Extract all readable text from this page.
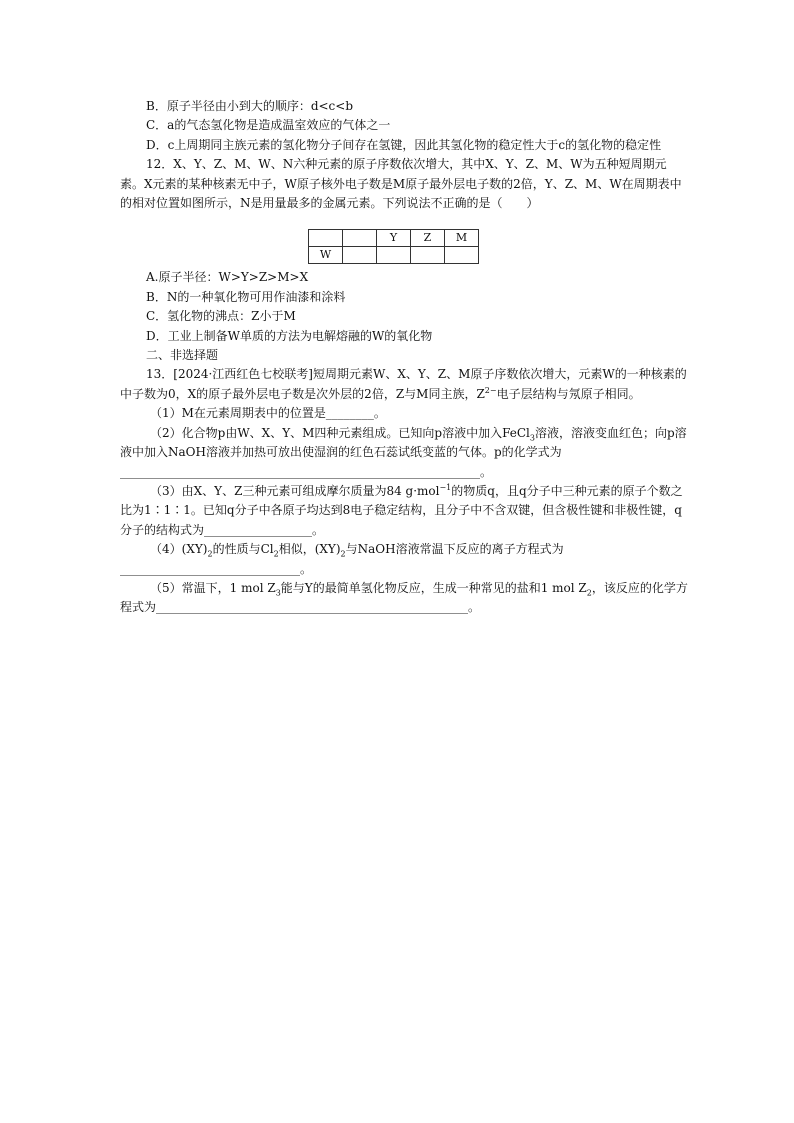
B．原子半径由小到大的顺序：d<c<b

C．a的气态氢化物是造成温室效应的气体之一

D．c上周期同主族元素的氢化物分子间存在氢键，因此其氢化物的稳定性大于c的氢化物的稳定性

12．X、Y、Z、M、W、N六种元素的原子序数依次增大，其中X、Y、Z、M、W为五种短周期元素。X元素的某种核素无中子，W原子核外电子数是M原子最外层电子数的2倍，Y、Z、M、W在周期表中的相对位置如图所示，N是用量最多的金属元素。下列说法不正确的是（　　）

		Y	Z	M
W				

A.原子半径：W>Y>Z>M>X

B．N的一种氧化物可用作油漆和涂料

C．氢化物的沸点：Z小于M

D．工业上制备W单质的方法为电解熔融的W的氧化物

二、非选择题

13．[2024·江西红色七校联考]短周期元素W、X、Y、Z、M原子序数依次增大，元素W的一种核素的中子数为0，X的原子最外层电子数是次外层的2倍，Z与M同主族，$Z^{2-}$电子层结构与氖原子相同。

（1）M在元素周期表中的位置是________。

（2）化合物p由W、X、Y、M四种元素组成。已知向p溶液中加入FeCl$_3$溶液，溶液变血红色；向p溶液中加入NaOH溶液并加热可放出使湿润的红色石蕊试纸变蓝的气体。p的化学式为____________________________________________________________。

（3）由X、Y、Z三种元素可组成摩尔质量为84 g·mol$^{-1}$的物质q，且q分子中三种元素的原子个数之比为1∶1∶1。已知q分子中各原子均达到8电子稳定结构，且分子中不含双键，但含极性键和非极性键，q分子的结构式为__________________。

$(4)(XY)_2$的性质与$Cl_2$相似，$(XY)_2$与NaOH溶液常温下反应的离子方程式为______________________________。

（5）常温下，1 mol $Z_3$能与Y的最简单氢化物反应，生成一种常见的盐和1 mol $Z_2$，该反应的化学方程式为____________________________________________________。
